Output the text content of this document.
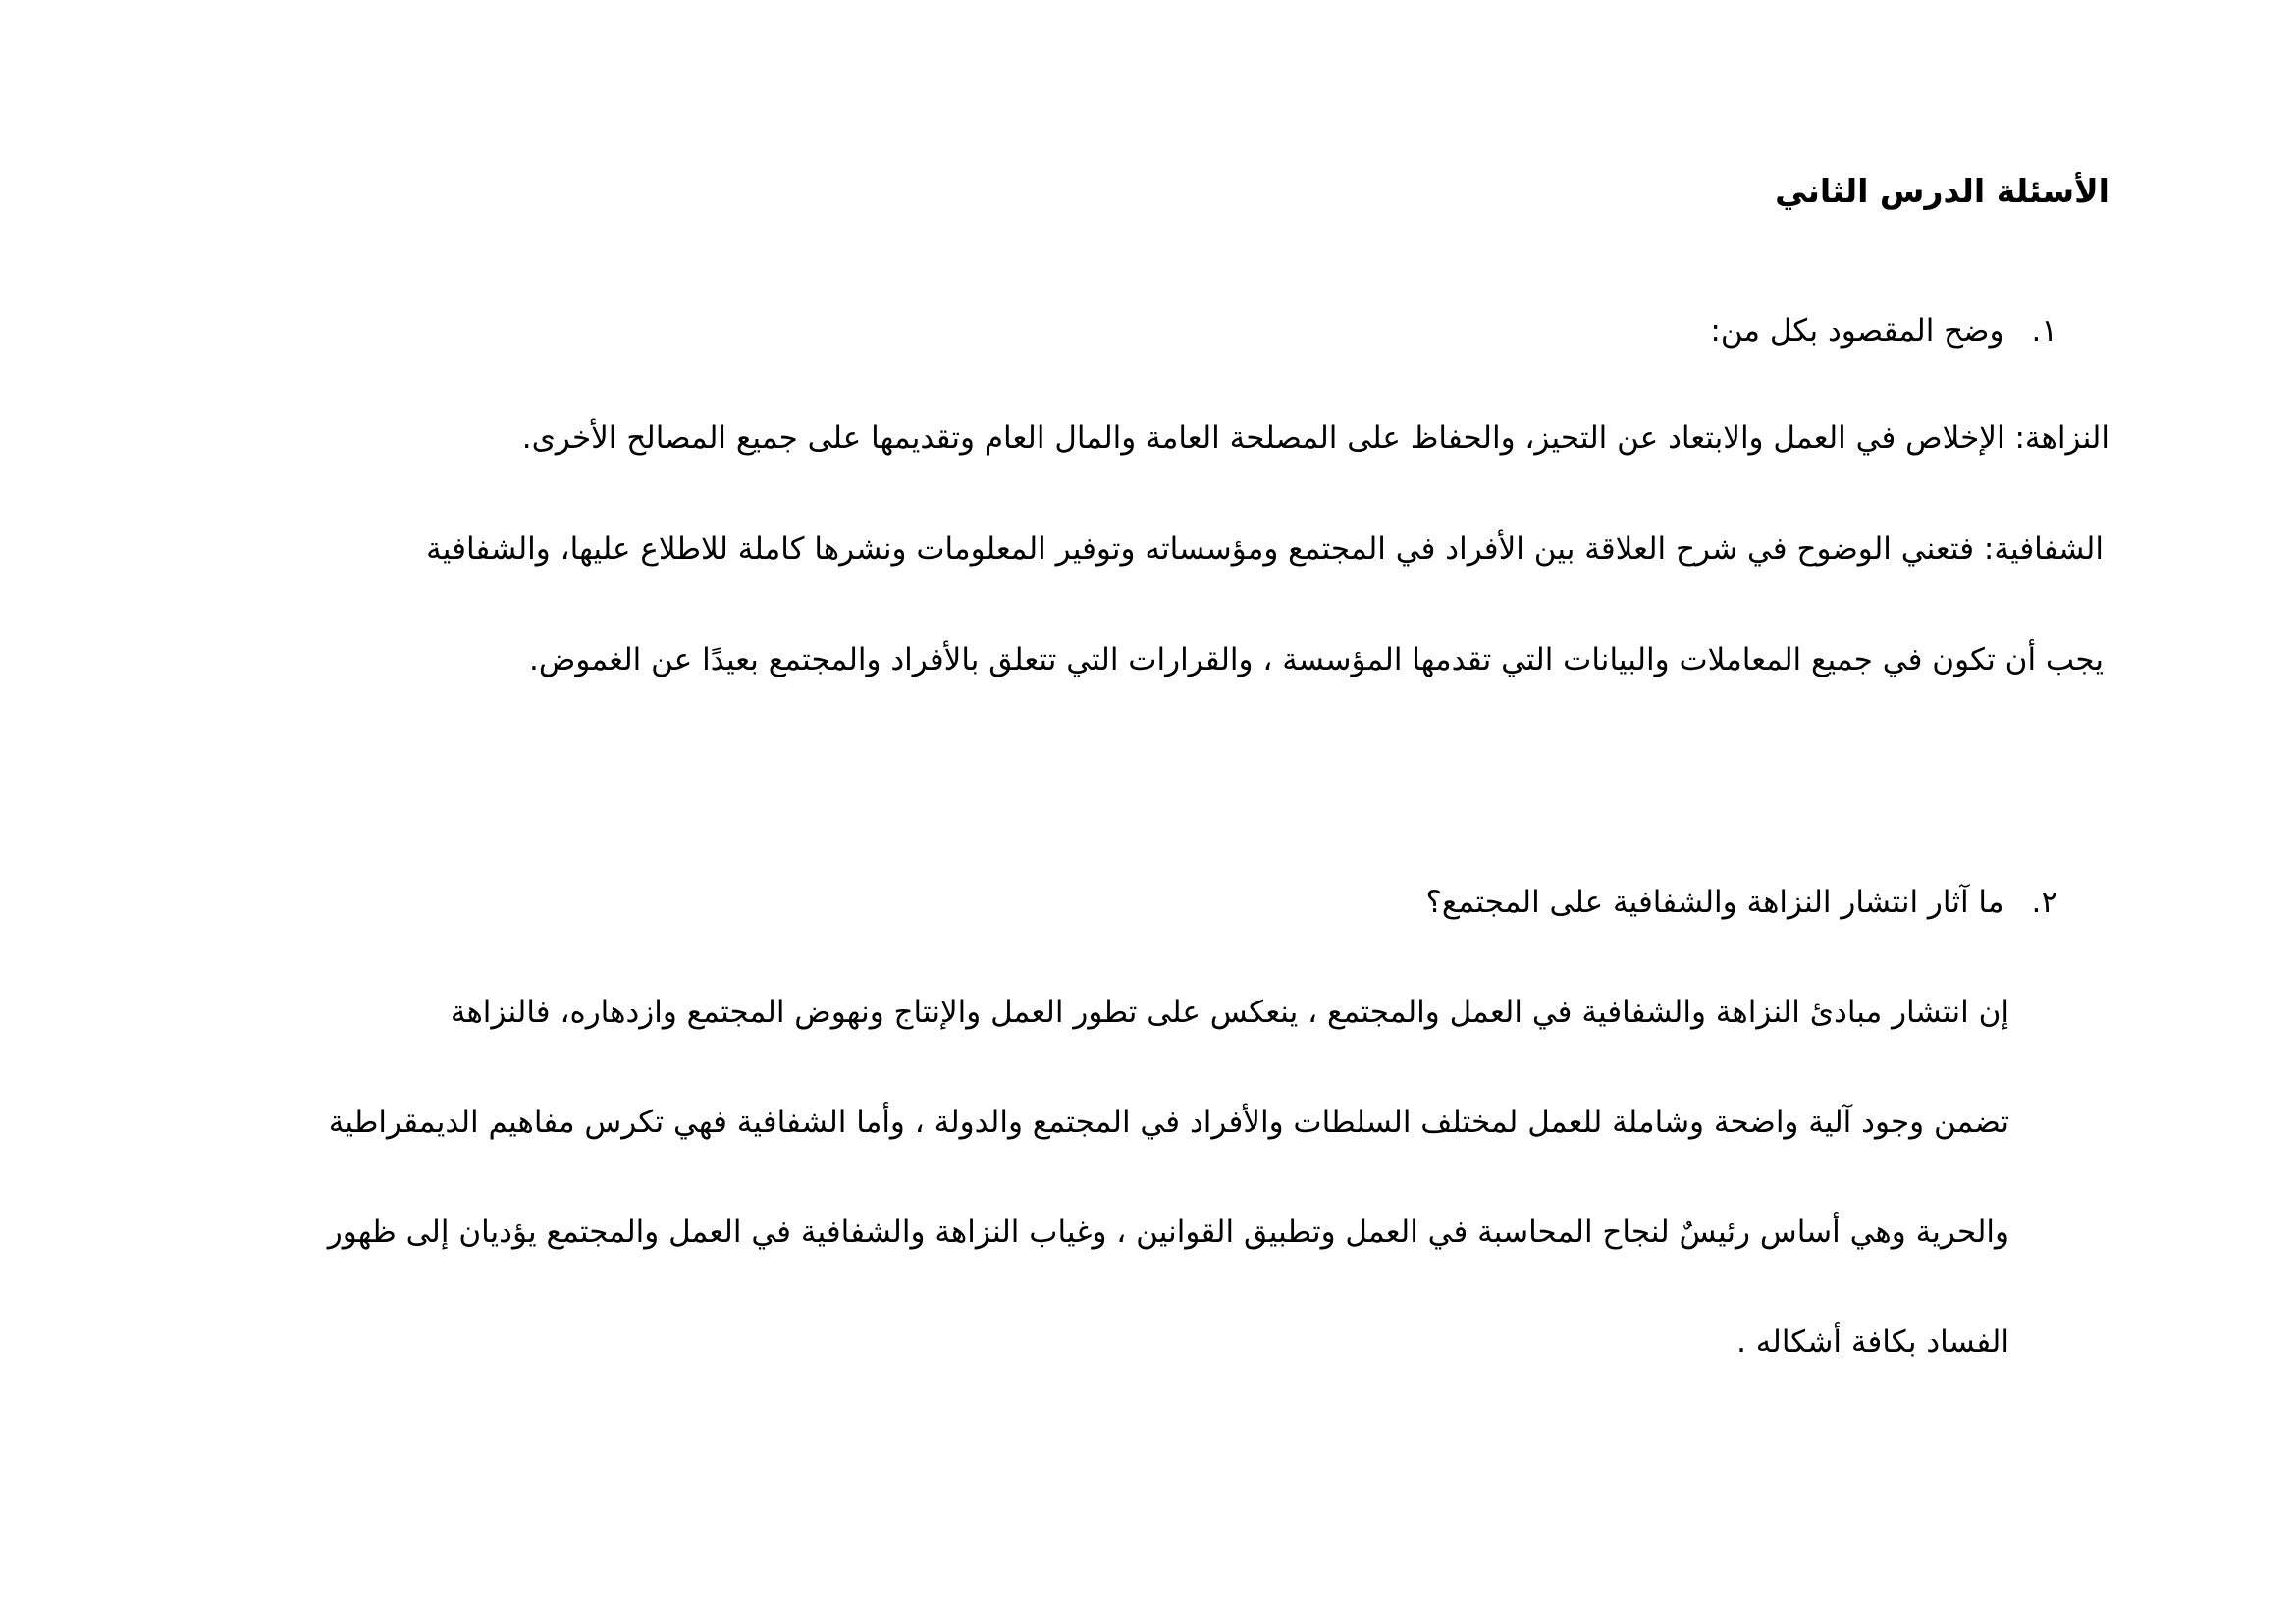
الأسئلة الدرس الثاني
١.وضح المقصود بكل من:
النزاهة: الإخلاص في العمل والابتعاد عن التحيز، والحفاظ على المصلحة العامة والمال العام وتقديمها على جميع المصالح الأخرى.
الشفافية: فتعني الوضوح في شرح العلاقة بين الأفراد في المجتمع ومؤسساته وتوفير المعلومات ونشرها كاملة للاطلاع عليها، والشفافية
يجب أن تكون في جميع المعاملات والبيانات التي تقدمها المؤسسة ، والقرارات التي تتعلق بالأفراد والمجتمع بعيدًا عن الغموض.
٢.ما آثار انتشار النزاهة والشفافية على المجتمع؟
إن انتشار مبادئ النزاهة والشفافية في العمل والمجتمع ، ينعكس على تطور العمل والإنتاج ونهوض المجتمع وازدهاره، فالنزاهة
تضمن وجود آلية واضحة وشاملة للعمل لمختلف السلطات والأفراد في المجتمع والدولة ، وأما الشفافية فهي تكرس مفاهيم الديمقراطية
والحرية وهي أساس رئيسٌ لنجاح المحاسبة في العمل وتطبيق القوانين ، وغياب النزاهة والشفافية في العمل والمجتمع يؤديان إلى ظهور
الفساد بكافة أشكاله .
